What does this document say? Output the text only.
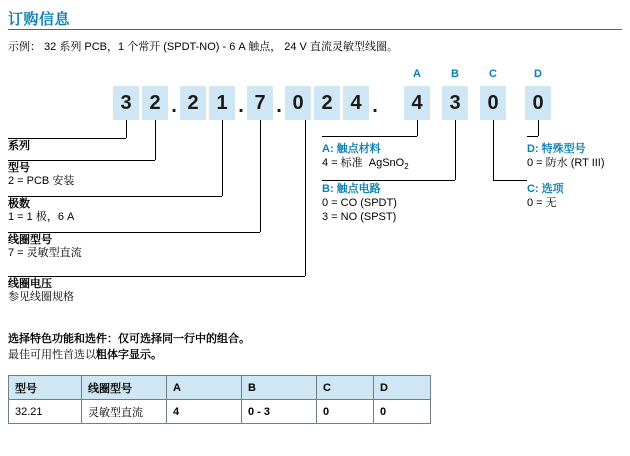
订购信息
示例： 32 系列 PCB，1 个常开 (SPDT-NO) - 6 A 触点， 24 V 直流灵敏型线圈。
A	B	C	D
3 2 . 2 1 . 7 . 0 2 4 .	4	3	0	0
系列
型号
2 = PCB 安装
极数
1 = 1 极，6 A
线圈型号
7 = 灵敏型直流
线圈电压
参见线圈规格
A: 触点材料
4 = 标准  AgSnO$_2$
B: 触点电路
0 = CO (SPDT)
3 = NO (SPST)
C: 选项
0 = 无
D: 特殊型号
0 = 防水 (RT III)
选择特色功能和选件：仅可选择同一行中的组合。
最佳可用性首选以粗体字显示。
型号	线圈型号	A	B	C	D
32.21	灵敏型直流	4	0 - 3	0	0
